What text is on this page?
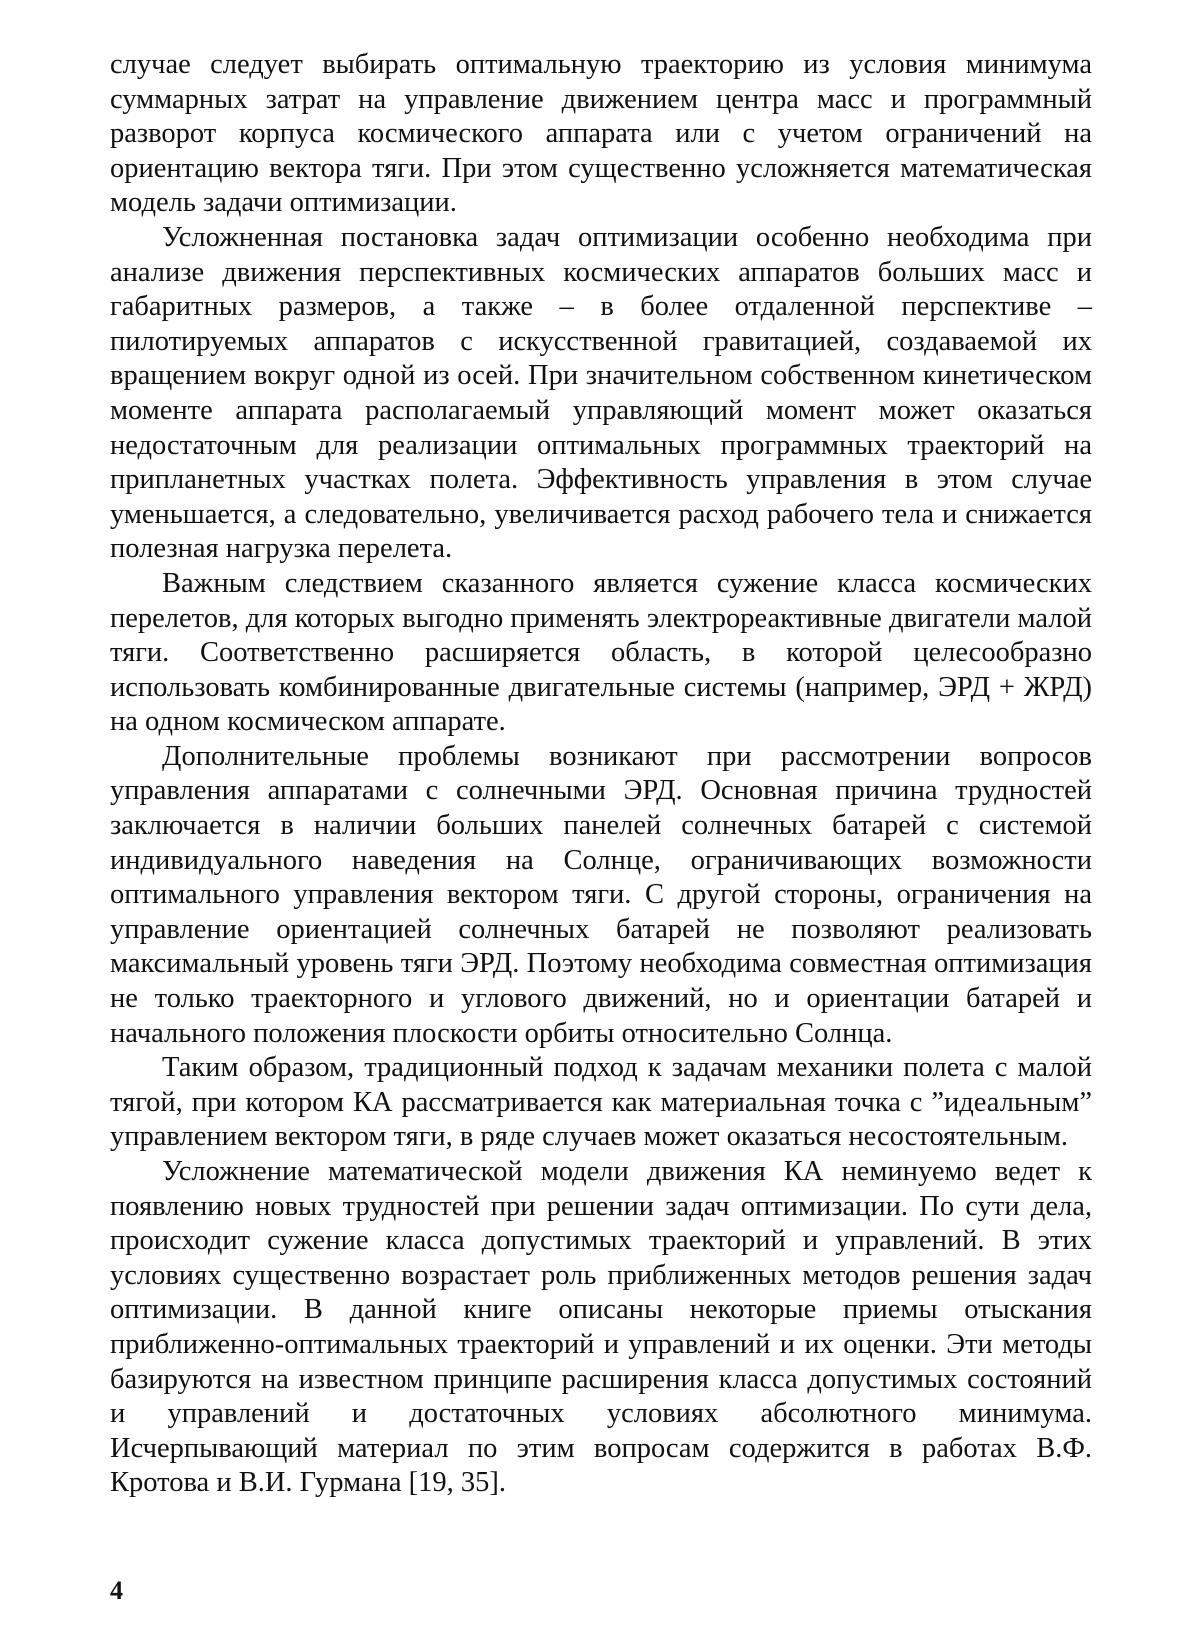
случае следует выбирать оптимальную траекторию из условия минимума суммарных затрат на управление движением центра масс и программный разворот корпуса космического аппарата или с учетом ограничений на ориентацию вектора тяги. При этом существенно усложняется математическая модель задачи оптимизации.

Усложненная постановка задач оптимизации особенно необходима при анализе движения перспективных космических аппаратов больших масс и габаритных размеров, а также – в более отдаленной перспективе – пилотируемых аппаратов с искусственной гравитацией, создаваемой их вращением вокруг одной из осей. При значительном собственном кинетическом моменте аппарата располагаемый управляющий момент может оказаться недостаточным для реализации оптимальных программных траекторий на припланетных участках полета. Эффективность управления в этом случае уменьшается, а следовательно, увеличивается расход рабочего тела и снижается полезная нагрузка перелета.

Важным следствием сказанного является сужение класса космических перелетов, для которых выгодно применять электрореактивные двигатели малой тяги. Соответственно расширяется область, в которой целесообразно использовать комбинированные двигательные системы (например, ЭРД + ЖРД) на одном космическом аппарате.

Дополнительные проблемы возникают при рассмотрении вопросов управления аппаратами с солнечными ЭРД. Основная причина трудностей заключается в наличии больших панелей солнечных батарей с системой индивидуального наведения на Солнце, ограничивающих возможности оптимального управления вектором тяги. С другой стороны, ограничения на управление ориентацией солнечных батарей не позволяют реализовать максимальный уровень тяги ЭРД. Поэтому необходима совместная оптимизация не только траекторного и углового движений, но и ориентации батарей и начального положения плоскости орбиты относительно Солнца.

Таким образом, традиционный подход к задачам механики полета с малой тягой, при котором КА рассматривается как материальная точка с ”идеальным” управлением вектором тяги, в ряде случаев может оказаться несостоятельным.

Усложнение математической модели движения КА неминуемо ведет к появлению новых трудностей при решении задач оптимизации. По сути дела, происходит сужение класса допустимых траекторий и управлений. В этих условиях существенно возрастает роль приближенных методов решения задач оптимизации. В данной книге описаны некоторые приемы отыскания приближенно-оптимальных траекторий и управлений и их оценки. Эти методы базируются на известном принципе расширения класса допустимых состояний и управлений и достаточных условиях абсолютного минимума. Исчерпывающий материал по этим вопросам содержится в работах В.Ф. Кротова и В.И. Гурмана [19, 35].

4
